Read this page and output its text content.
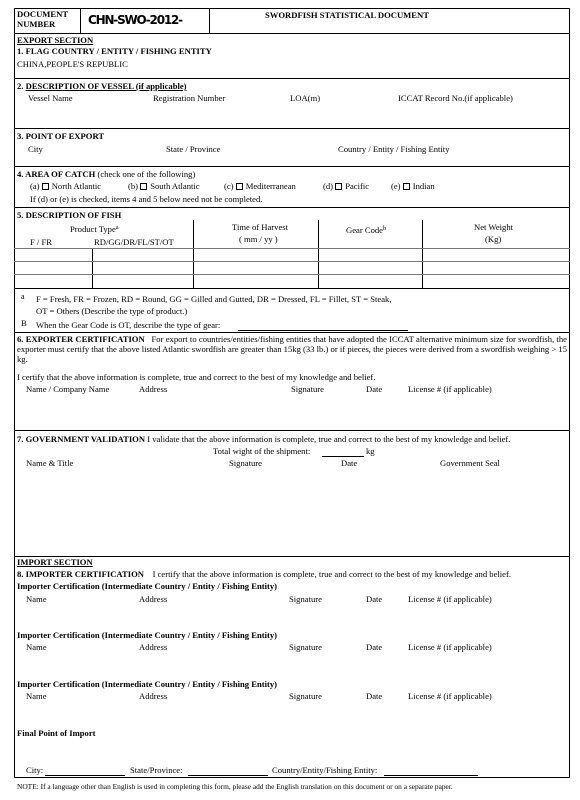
DOCUMENT
NUMBER	CHN-SWO-2012-	SWORDFISH STATISTICAL DOCUMENT
EXPORT SECTION
1. FLAG COUNTRY / ENTITY / FISHING ENTITY
CHINA,PEOPLE'S REPUBLIC
2. DESCRIPTION OF VESSEL (if applicable)
Vessel Name	Registration Number	LOA(m)	ICCAT Record No.(if applicable)
3. POINT OF EXPORT
City	State / Province	Country / Entity / Fishing Entity
4. AREA OF CATCH (check one of the following)
(a) North Atlantic	(b) South Atlantic	(c) Mediterranean	(d) Pacific	(e) Indian
If (d) or (e) is checked, items 4 and 5 below need not be completed.
5. DESCRIPTION OF FISH
Product Type$^a$
F / FR	RD/GG/DR/FL/ST/OT
Time of Harvest
( mm / yy )
Gear Code$^b$	Net Weight
(Kg)
a F = Fresh, FR = Frozen, RD = Round, GG = Gilled and Gutted, DR = Dressed, FL = Fillet, ST = Steak,
OT = Others (Describe the type of product.)
B When the Gear Code is OT, describe the type of gear:
6. EXPORTER CERTIFICATION For export to countries/entities/fishing entities that have adopted the ICCAT alternative minimum size for swordfish, the exporter must certify that the above listed Atlantic swordfish are greater than 15kg (33 lb.) or if pieces, the pieces were derived from a swordfish weighing > 15 kg.
I certify that the above information is complete, true and correct to the best of my knowledge and belief.
Name / Company Name	Address	Signature	Date	License # (if applicable)
7. GOVERNMENT VALIDATION I validate that the above information is complete, true and correct to the best of my knowledge and belief.
Total wight of the shipment:	kg
Name & Title	Signature	Date	Government Seal
IMPORT SECTION
8. IMPORTER CERTIFICATION I certify that the above information is complete, true and correct to the best of my knowledge and belief.
Importer Certification (Intermediate Country / Entity / Fishing Entity)
Name	Address	Signature	Date	License # (if applicable)
Importer Certification (Intermediate Country / Entity / Fishing Entity)
Name	Address	Signature	Date	License # (if applicable)
Importer Certification (Intermediate Country / Entity / Fishing Entity)
Name	Address	Signature	Date	License # (if applicable)
Final Point of Import
City:	State/Province:	Country/Entity/Fishing Entity:
NOTE: If a language other than English is used in completing this form, please add the English translation on this document or on a separate paper.
